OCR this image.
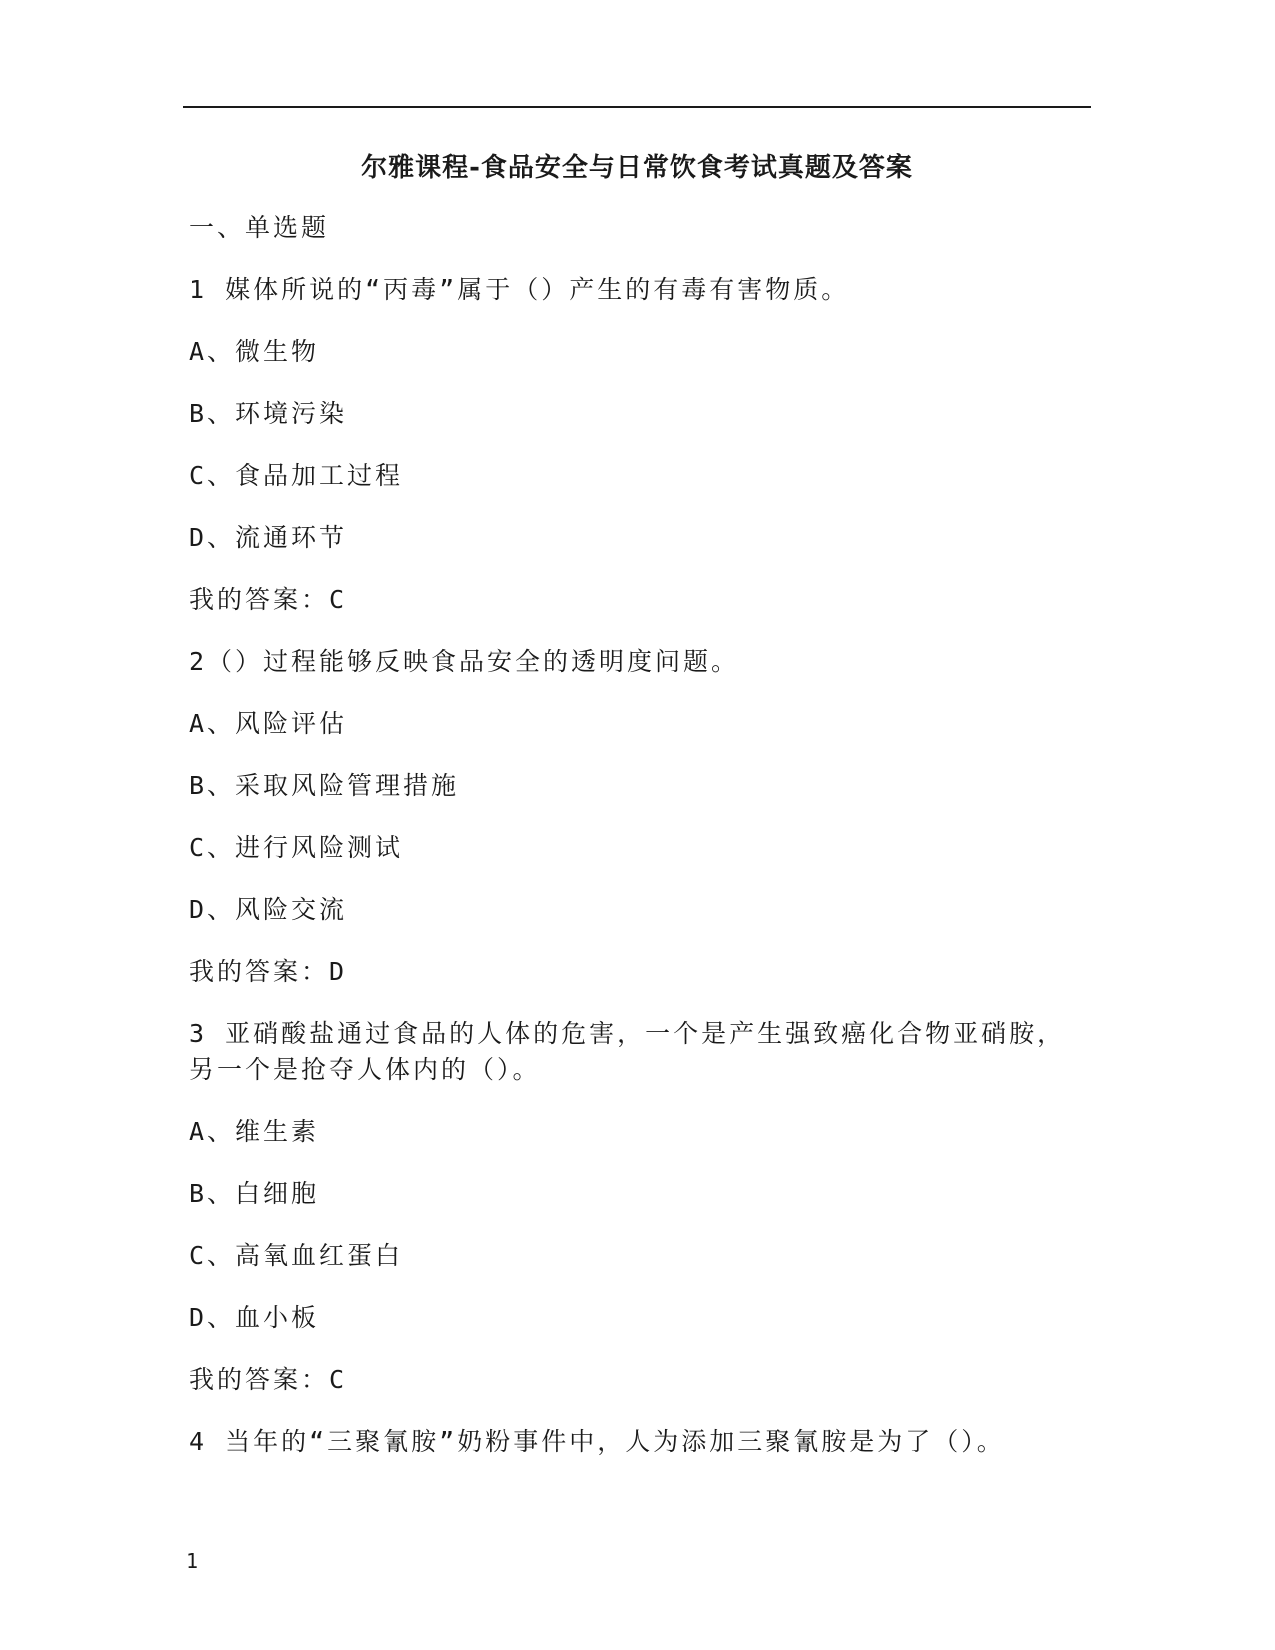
尔雅课程-食品安全与日常饮食考试真题及答案
一、单选题
1 媒体所说的“丙毒”属于（）产生的有毒有害物质。
A、微生物
B、环境污染
C、食品加工过程
D、流通环节
我的答案：C
2（）过程能够反映食品安全的透明度问题。
A、风险评估
B、采取风险管理措施
C、进行风险测试
D、风险交流
我的答案：D
3 亚硝酸盐通过食品的人体的危害，一个是产生强致癌化合物亚硝胺，
另一个是抢夺人体内的（）。
A、维生素
B、白细胞
C、高氧血红蛋白
D、血小板
我的答案：C
4 当年的“三聚氰胺”奶粉事件中，人为添加三聚氰胺是为了（）。
1
